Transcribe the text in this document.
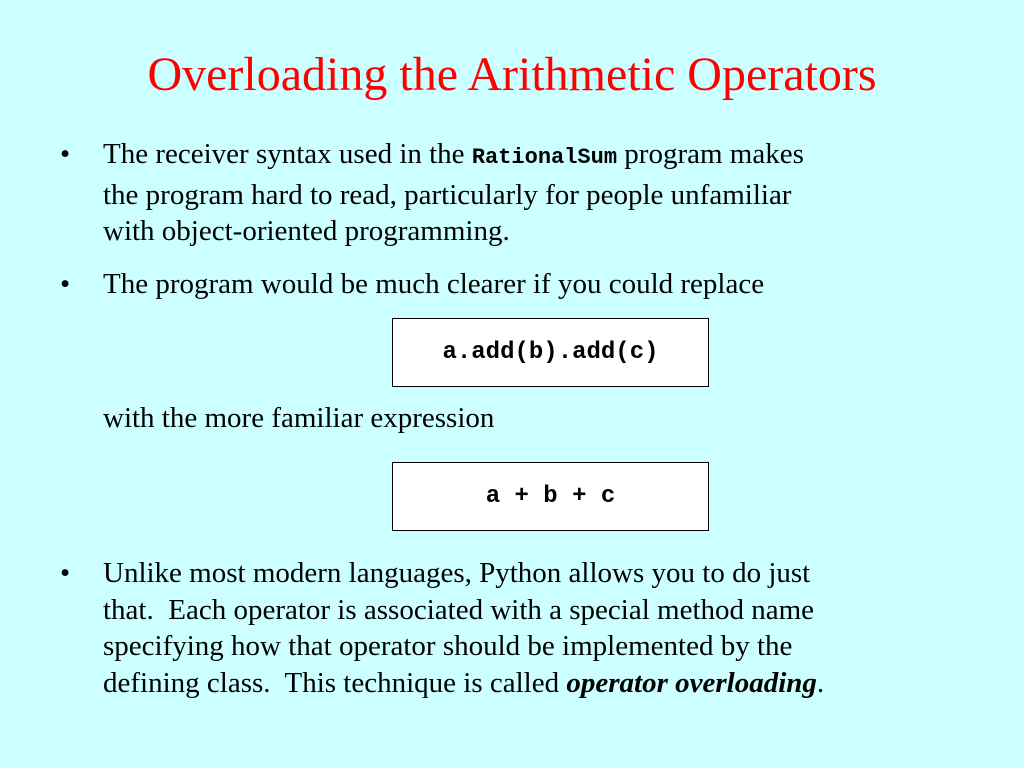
Overloading the Arithmetic Operators
• The receiver syntax used in the RationalSum program makes
the program hard to read, particularly for people unfamiliar
with object-oriented programming.
• The program would be much clearer if you could replace
a.add(b).add(c)
with the more familiar expression
a + b + c
• Unlike most modern languages, Python allows you to do just
that.  Each operator is associated with a special method name
specifying how that operator should be implemented by the
defining class.  This technique is called operator overloading.
